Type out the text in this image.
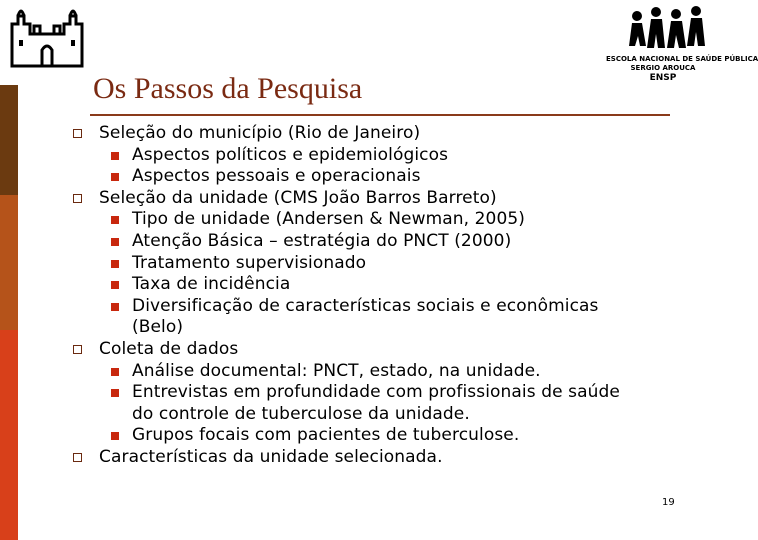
ESCOLA NACIONAL DE SAÚDE PÚBLICA
SERGIO AROUCA
ENSP
Os Passos da Pesquisa
Seleção do município (Rio de Janeiro)
Aspectos políticos e epidemiológicos
Aspectos pessoais e operacionais
Seleção da unidade (CMS João Barros Barreto)
Tipo de unidade (Andersen & Newman, 2005)
Atenção Básica – estratégia do PNCT (2000)
Tratamento supervisionado
Taxa de incidência
Diversificação de características sociais e econômicas
(Belo)
Coleta de dados
Análise documental: PNCT, estado, na unidade.
Entrevistas em profundidade com profissionais de saúde
do controle de tuberculose da unidade.
Grupos focais com pacientes de tuberculose.
Características da unidade selecionada.
19
